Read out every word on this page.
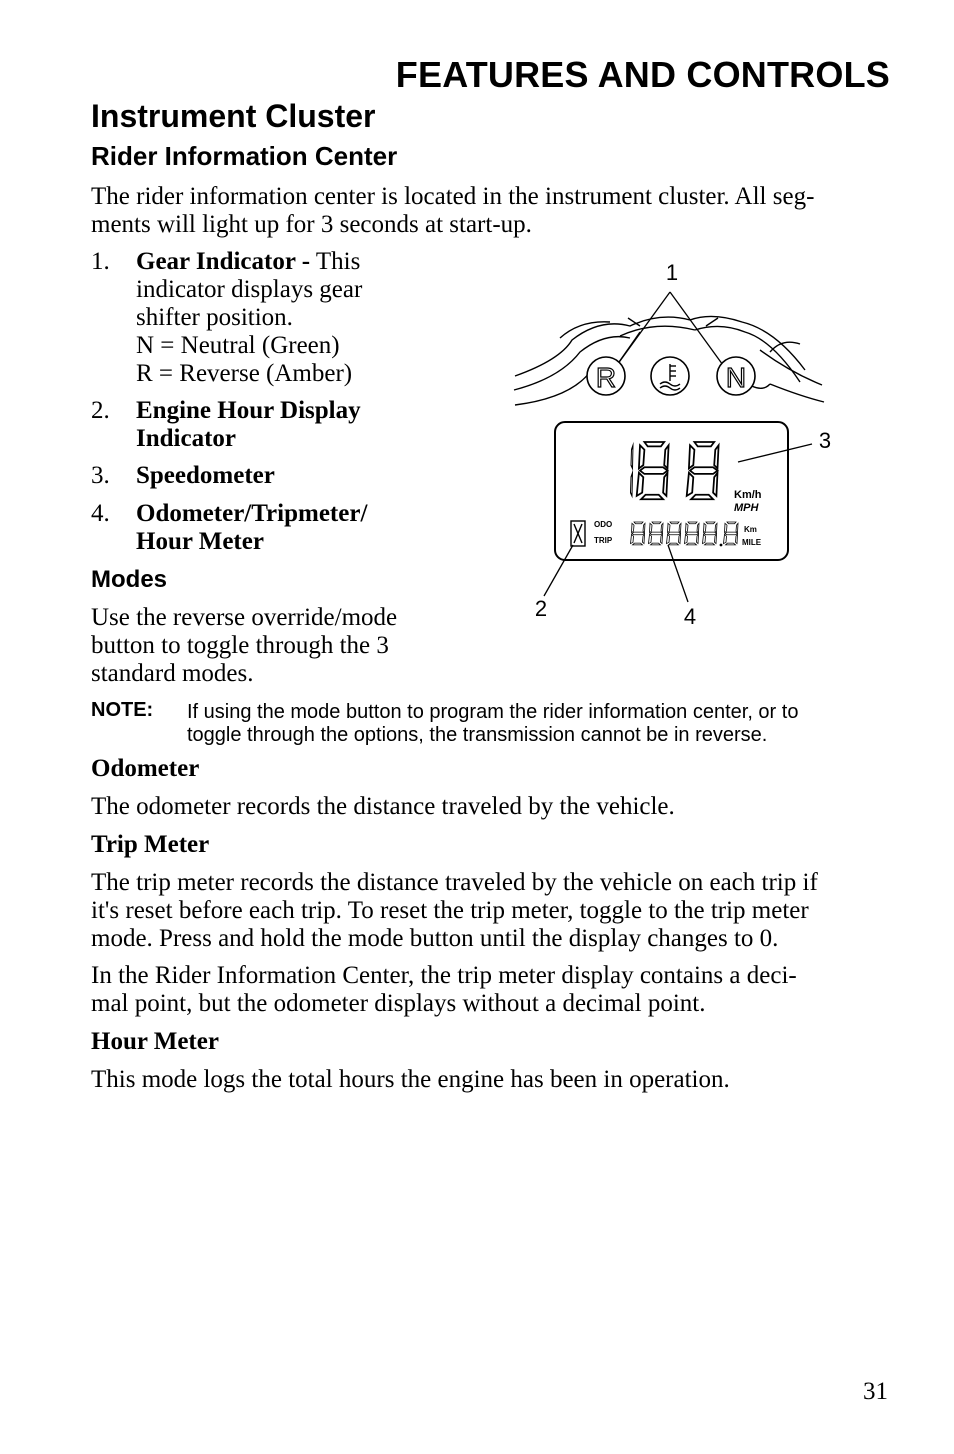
FEATURES AND CONTROLS
Instrument Cluster
Rider Information Center
The rider information center is located in the instrument cluster. All seg-
ments will light up for 3 seconds at start-up.
1.	Gear Indicator - This
indicator displays gear
shifter position.
N = Neutral (Green)
R = Reverse (Amber)
2.	Engine Hour Display
Indicator
3.	Speedometer
4.	Odometer/Tripmeter/
Hour Meter
Modes
Use the reverse override/mode
button to toggle through the 3
standard modes.
NOTE: If using the mode button to program the rider information center, or to
toggle through the options, the transmission cannot be in reverse.
Odometer
The odometer records the distance traveled by the vehicle.
Trip Meter
The trip meter records the distance traveled by the vehicle on each trip if
it's reset before each trip. To reset the trip meter, toggle to the trip meter
mode. Press and hold the mode button until the display changes to 0.
In the Rider Information Center, the trip meter display contains a deci-
mal point, but the odometer displays without a decimal point.
Hour Meter
This mode logs the total hours the engine has been in operation.
R	N
Km/h
MPH
ODO
TRIP
Km
MILE
1
2
3
4
31
